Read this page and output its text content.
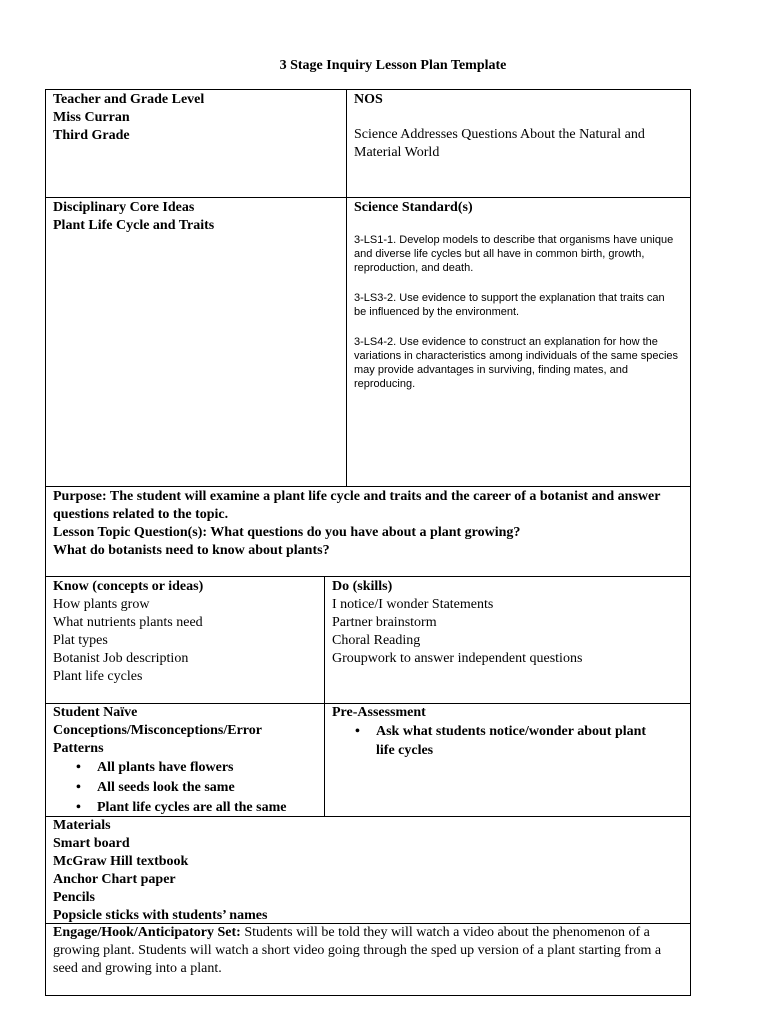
3 Stage Inquiry Lesson Plan Template
Teacher and Grade Level
Miss Curran
Third Grade
NOS
Science Addresses Questions About the Natural and Material World
Disciplinary Core Ideas
Plant Life Cycle and Traits
Science Standard(s)
3-LS1-1. Develop models to describe that organisms have unique and diverse life cycles but all have in common birth, growth, reproduction, and death.
3-LS3-2. Use evidence to support the explanation that traits can be influenced by the environment.
3-LS4-2. Use evidence to construct an explanation for how the variations in characteristics among individuals of the same species may provide advantages in surviving, finding mates, and reproducing.
Purpose: The student will examine a plant life cycle and traits and the career of a botanist and answer questions related to the topic.
Lesson Topic Question(s): What questions do you have about a plant growing?
What do botanists need to know about plants?
Know (concepts or ideas)
How plants grow
What nutrients plants need
Plat types
Botanist Job description
Plant life cycles
Do (skills)
I notice/I wonder Statements
Partner brainstorm
Choral Reading
Groupwork to answer independent questions
Student Naïve Conceptions/Misconceptions/Error Patterns
• All plants have flowers
• All seeds look the same
• Plant life cycles are all the same
Pre-Assessment
• Ask what students notice/wonder about plant life cycles
Materials
Smart board
McGraw Hill textbook
Anchor Chart paper
Pencils
Popsicle sticks with students’ names
Engage/Hook/Anticipatory Set: Students will be told they will watch a video about the phenomenon of a growing plant. Students will watch a short video going through the sped up version of a plant starting from a seed and growing into a plant.
